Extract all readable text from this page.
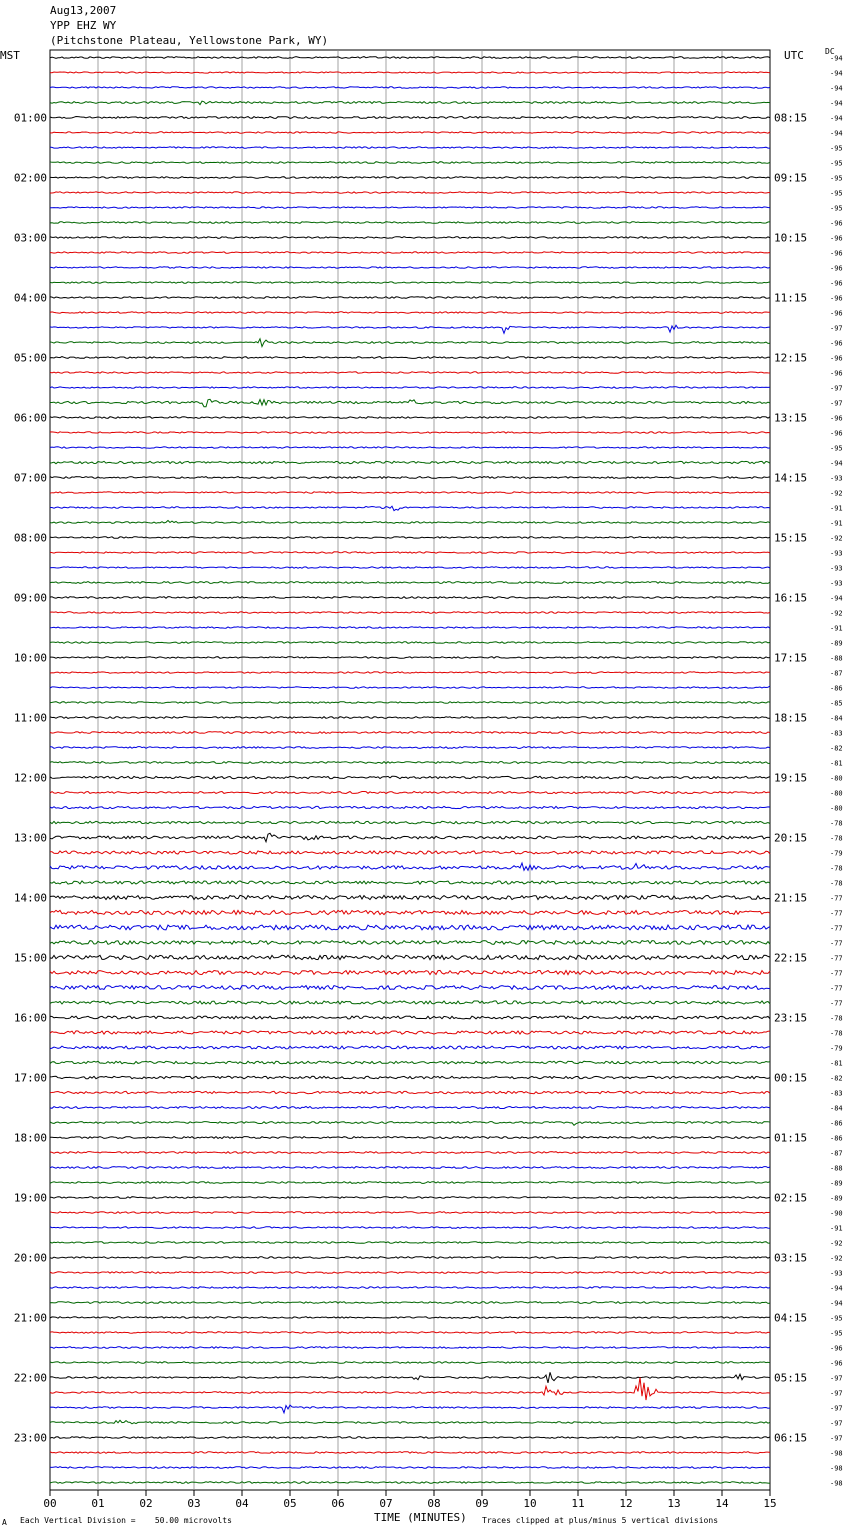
Aug13,2007
YPP EHZ WY
(Pitchstone Plateau, Yellowstone Park, WY)
MST	UTC	DC
00	01	02	03	04	05	06	07	08	09	10	11	12	13	14	15
-94
-94
-94
-94
-94
-94
-95
-95
-95
-95
-95
-96
-96
-96
-96
-96
-96
-96
-97
-96
-96
-96
-97
-97
-96
-96
-95
-94
-93
-92
-91
-91
-92
-93
-93
-93
-94
-92
-91
-89
-88
-87
-86
-85
-84
-83
-82
-81
-80
-80
-80
-78
-78
-79
-78
-78
-77
-77
-77
-77
-77
-77
-77
-77
-78
-78
-79
-81
-82
-83
-84
-86
-86
-87
-88
-89
-89
-90
-91
-92
-92
-93
-94
-94
-95
-95
-96
-96
-97
-97
-97
-97
-97
-98
-98
-98
01:00
02:00
03:00
04:00
05:00
06:00
07:00
08:00
09:00
10:00
11:00
12:00
13:00
14:00
15:00
16:00
17:00
18:00
19:00
20:00
21:00
22:00
23:00
08:15
09:15
10:15
11:15
12:15
13:15
14:15
15:15
16:15
17:15
18:15
19:15
20:15
21:15
22:15
23:15
00:15
01:15
02:15
03:15
04:15
05:15
06:15
A Each Vertical Division =    50.00 microvolts	TIME (MINUTES) Traces clipped at plus/minus 5 vertical divisions
